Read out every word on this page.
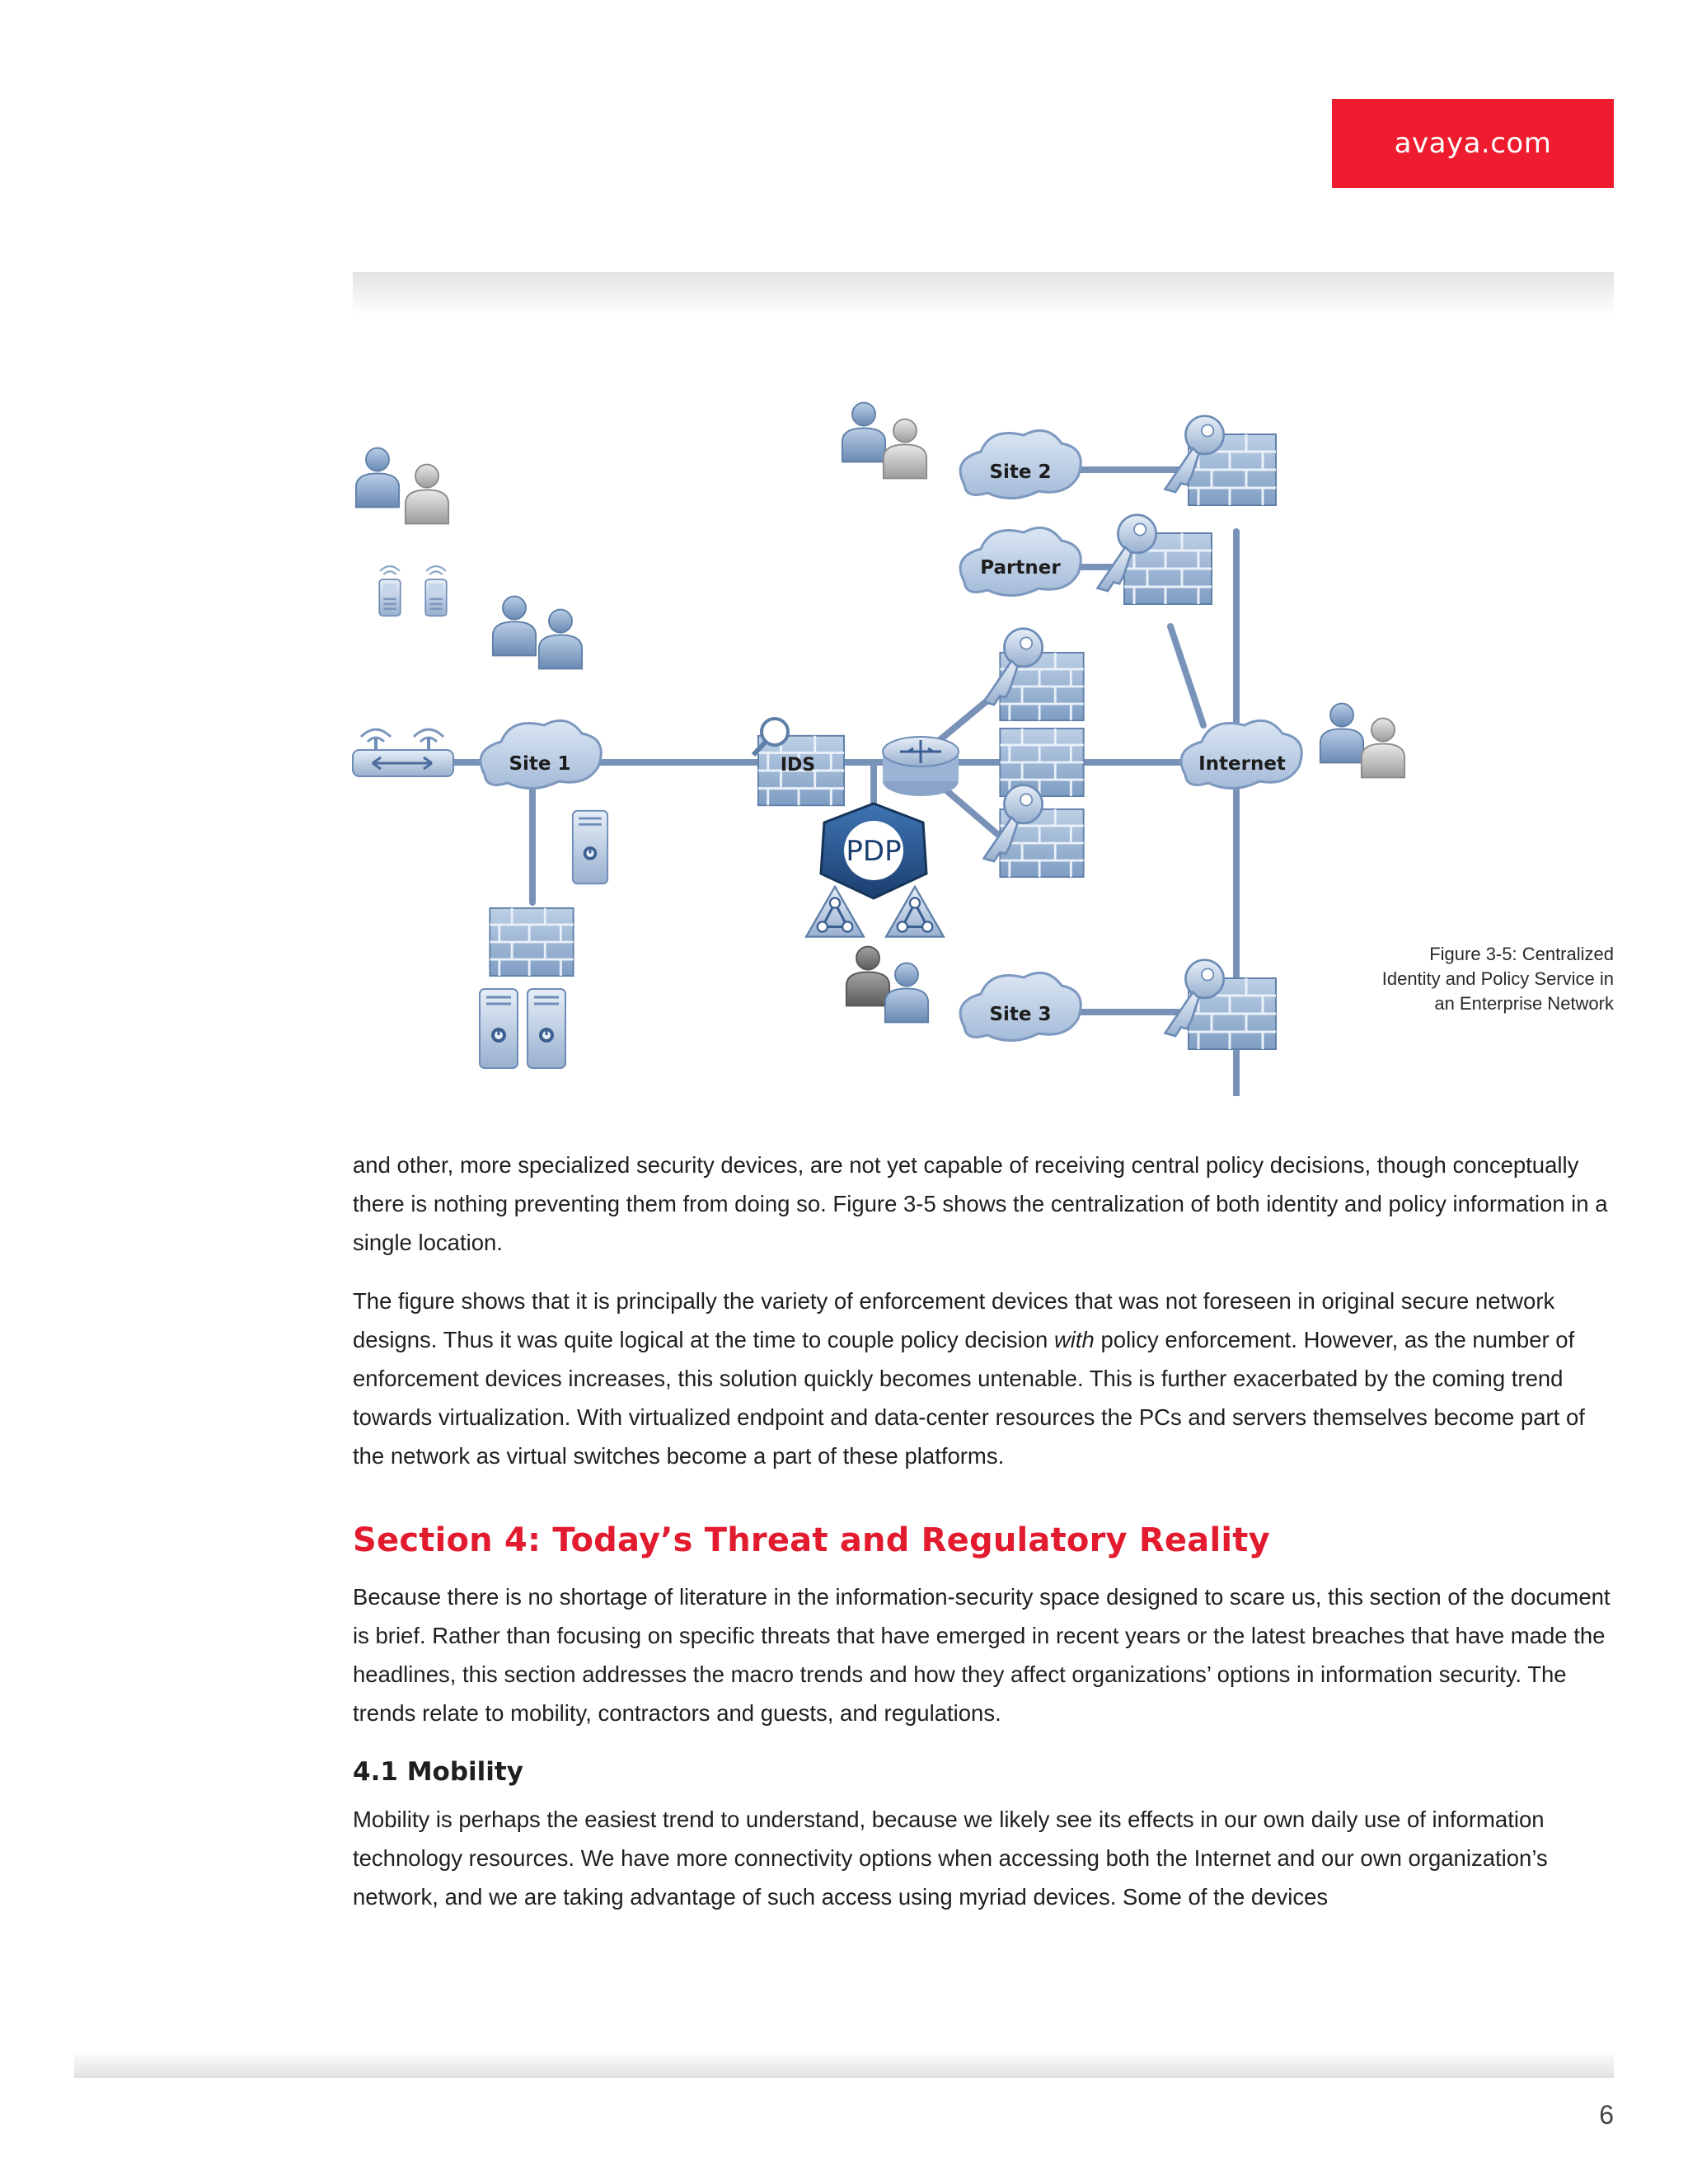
avaya.com
Site 1
Site 2
Partner
Internet
Site 3
IDS
PDP
Figure 3-5: Centralized
Identity and Policy Service in
an Enterprise Network

and other, more specialized security devices, are not yet capable of receiving central policy decisions, though conceptually there is nothing preventing them from doing so. Figure 3-5 shows the centralization of both identity and policy information in a single location.

The figure shows that it is principally the variety of enforcement devices that was not foreseen in original secure network designs. Thus it was quite logical at the time to couple policy decision with policy enforcement. However, as the number of enforcement devices increases, this solution quickly becomes untenable. This is further exacerbated by the coming trend towards virtualization. With virtualized endpoint and data-center resources the PCs and servers themselves become part of the network as virtual switches become a part of these platforms.

Section 4: Today’s Threat and Regulatory Reality

Because there is no shortage of literature in the information-security space designed to scare us, this section of the document is brief. Rather than focusing on specific threats that have emerged in recent years or the latest breaches that have made the headlines, this section addresses the macro trends and how they affect organizations’ options in information security. The trends relate to mobility, contractors and guests, and regulations.

4.1 Mobility

Mobility is perhaps the easiest trend to understand, because we likely see its effects in our own daily use of information technology resources. We have more connectivity options when accessing both the Internet and our own organization’s network, and we are taking advantage of such access using myriad devices. Some of the devices

6
